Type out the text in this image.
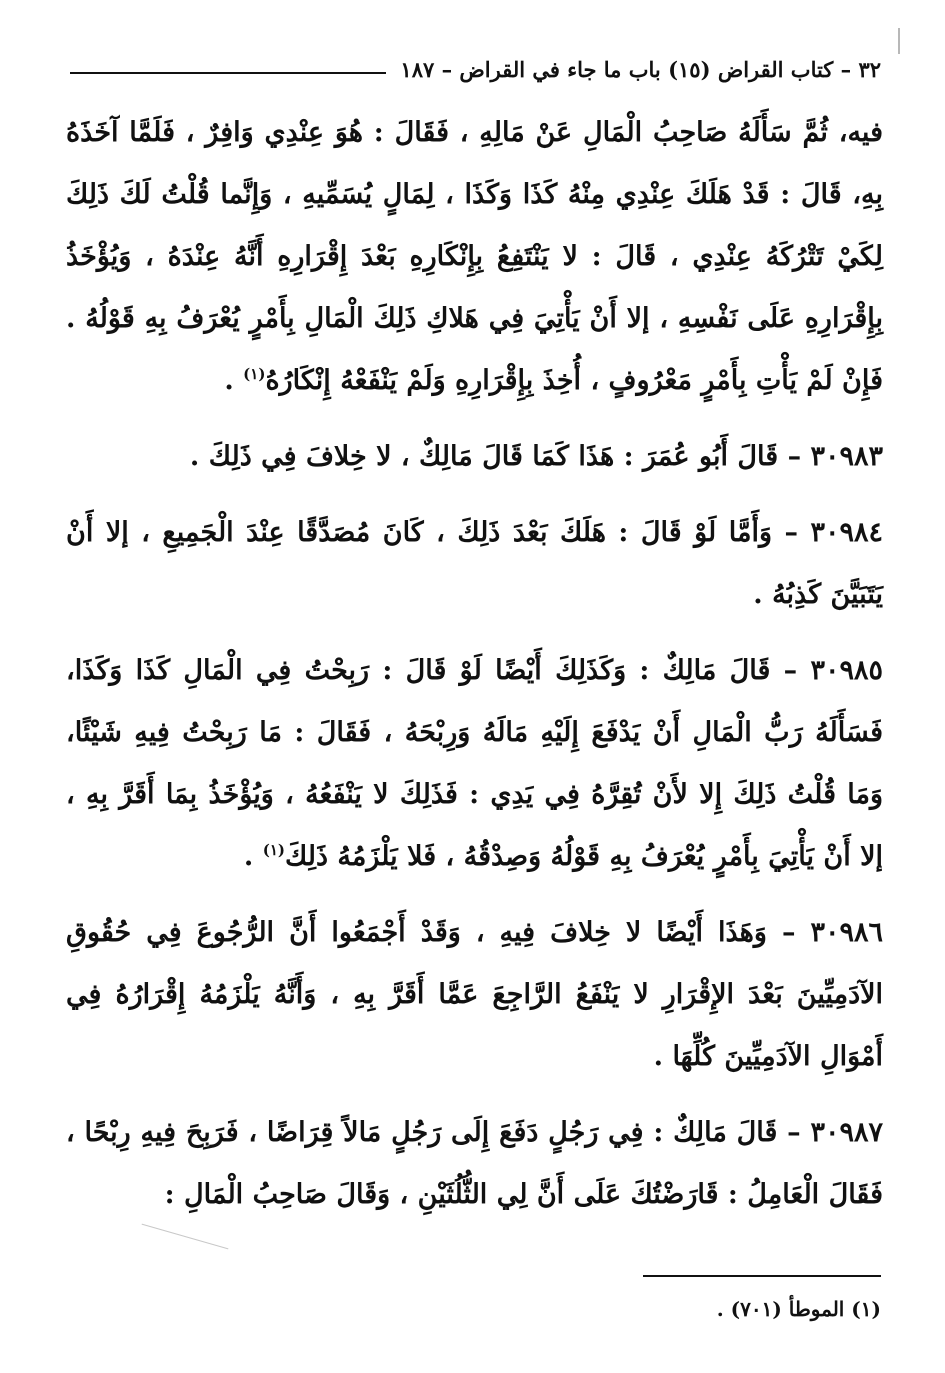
٣٢ – كتاب القراض (١٥) باب ما جاء في القراض – ١٨٧

فيه، ثُمَّ سَأَلَهُ صَاحِبُ الْمَالِ عَنْ مَالِهِ ، فَقَالَ : هُوَ عِنْدِي وَافِرٌ ، فَلَمَّا آخَذَهُ بِهِ، قَالَ : قَدْ هَلَكَ عِنْدِي مِنْهُ كَذَا وَكَذَا ، لِمَالٍ يُسَمِّيهِ ، وَإِنَّما قُلْتُ لَكَ ذَلِكَ لِكَيْ تَتْرُكَهُ عِنْدِي ، قَالَ : لا يَنْتَفِعُ بِإِنْكَارِهِ بَعْدَ إِقْرَارِهِ أَنَّهُ عِنْدَهُ ، وَيُؤْخَذُ بِإِقْرَارِهِ عَلَى نَفْسِهِ ، إلا أَنْ يَأْتِيَ فِي هَلاكِ ذَلِكَ الْمَالِ بِأَمْرٍ يُعْرَفُ بِهِ قَوْلُهُ . فَإِنْ لَمْ يَأْتِ بِأَمْرٍ مَعْرُوفٍ ، أُخِذَ بِإِقْرَارِهِ وَلَمْ يَنْفَعْهُ إِنْكَارُهُ$^{(١)}$ .

٣٠٩٨٣ – قَالَ أَبُو عُمَرَ : هَذَا كَمَا قَالَ مَالِكٌ ، لا خِلافَ فِي ذَلِكَ .

٣٠٩٨٤ – وَأَمَّا لَوْ قَالَ : هَلَكَ بَعْدَ ذَلِكَ ، كَانَ مُصَدَّقًا عِنْدَ الْجَمِيعِ ، إلا أَنْ يَتَبَيَّنَ كَذِبُهُ .

٣٠٩٨٥ – قَالَ مَالِكٌ : وَكَذَلِكَ أَيْضًا لَوْ قَالَ : رَبِحْتُ فِي الْمَالِ كَذَا وَكَذَا، فَسَأَلَهُ رَبُّ الْمَالِ أَنْ يَدْفَعَ إِلَيْهِ مَالَهُ وَرِبْحَهُ ، فَقَالَ : مَا رَبِحْتُ فِيهِ شَيْئًا، وَمَا قُلْتُ ذَلِكَ إِلا لأَنْ تُقِرَّهُ فِي يَدِي : فَذَلِكَ لا يَنْفَعُهُ ، وَيُؤْخَذُ بِمَا أَقَرَّ بِهِ ، إلا أَنْ يَأْتِيَ بِأَمْرٍ يُعْرَفُ بِهِ قَوْلُهُ وَصِدْقُهُ ، فَلا يَلْزَمُهُ ذَلِكَ$^{(١)}$ .

٣٠٩٨٦ – وَهَذَا أَيْضًا لا خِلافَ فِيهِ ، وَقَدْ أَجْمَعُوا أَنَّ الرُّجُوعَ فِي حُقُوقِ الآدَمِيِّينَ بَعْدَ الإِقْرَارِ لا يَنْفَعُ الرَّاجِعَ عَمَّا أَقَرَّ بِهِ ، وَأَنَّهُ يَلْزَمُهُ إِقْرَارُهُ فِي أَمْوَالِ الآدَمِيِّينَ كُلِّهَا .

٣٠٩٨٧ – قَالَ مَالِكٌ : فِي رَجُلٍ دَفَعَ إِلَى رَجُلٍ مَالاً قِرَاضًا ، فَرَبِحَ فِيهِ رِبْحًا ، فَقَالَ الْعَامِلُ : قَارَضْتُكَ عَلَى أَنَّ لِي الثُّلُثَيْنِ ، وَقَالَ صَاحِبُ الْمَالِ :

(١) الموطأ (٧٠١) .
